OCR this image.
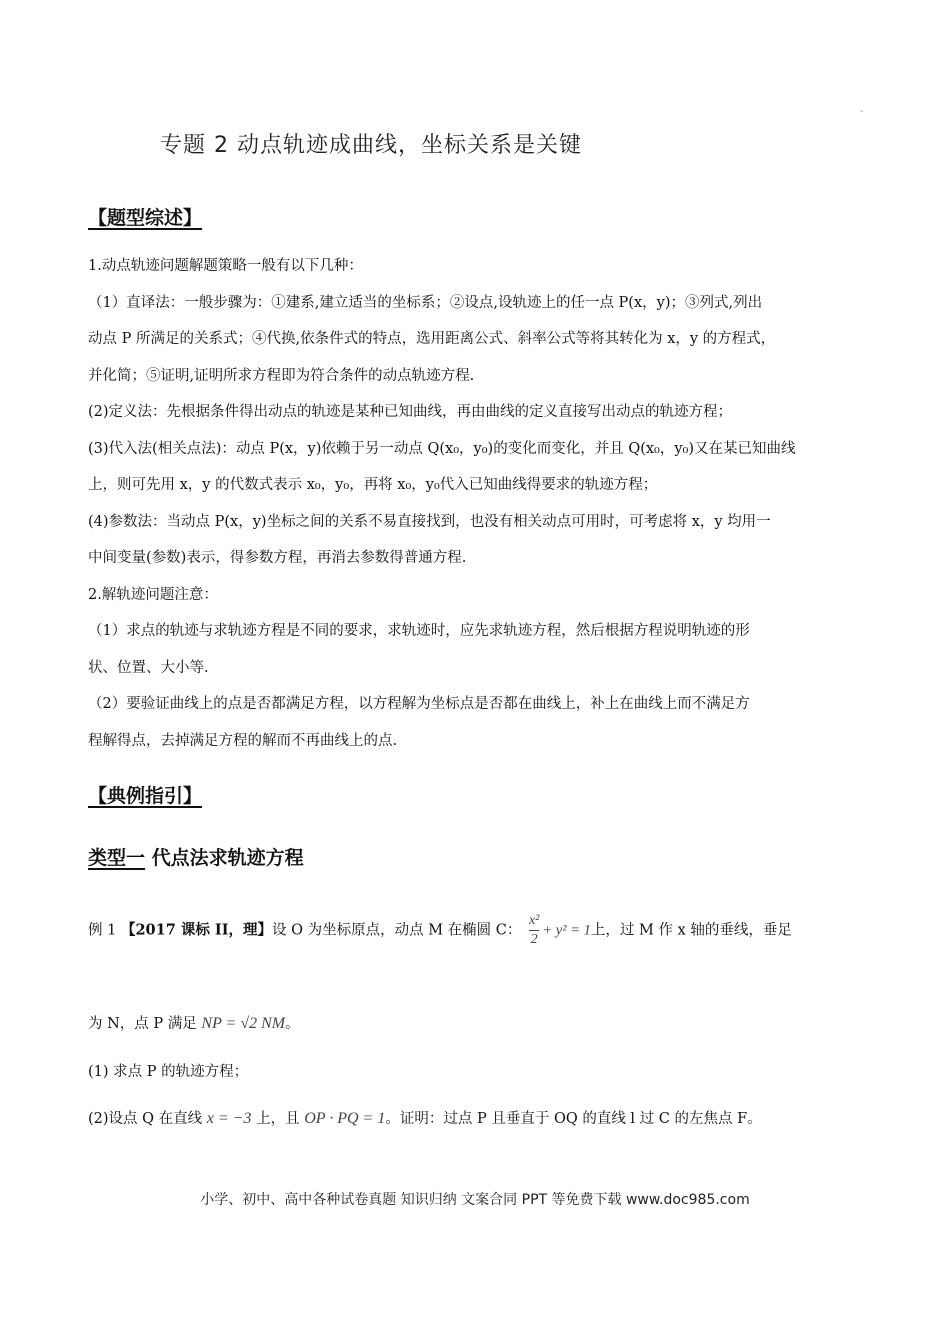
-
专题 2 动点轨迹成曲线，坐标关系是关键
【题型综述】
1.动点轨迹问题解题策略一般有以下几种：
（1）直译法：一般步骤为：①建系,建立适当的坐标系；②设点,设轨迹上的任一点 P(x，y)；③列式,列出
动点 P 所满足的关系式；④代换,依条件式的特点，选用距离公式、斜率公式等将其转化为 x，y 的方程式，
并化简；⑤证明,证明所求方程即为符合条件的动点轨迹方程.
(2)定义法：先根据条件得出动点的轨迹是某种已知曲线，再由曲线的定义直接写出动点的轨迹方程；
(3)代入法(相关点法)：动点 P(x，y)依赖于另一动点 Q(x₀，y₀)的变化而变化，并且 Q(x₀，y₀)又在某已知曲线
上，则可先用 x，y 的代数式表示 x₀，y₀，再将 x₀，y₀代入已知曲线得要求的轨迹方程；
(4)参数法：当动点 P(x，y)坐标之间的关系不易直接找到，也没有相关动点可用时，可考虑将 x，y 均用一
中间变量(参数)表示，得参数方程，再消去参数得普通方程.
2.解轨迹问题注意：
（1）求点的轨迹与求轨迹方程是不同的要求，求轨迹时，应先求轨迹方程，然后根据方程说明轨迹的形
状、位置、大小等.
（2）要验证曲线上的点是否都满足方程，以方程解为坐标点是否都在曲线上，补上在曲线上而不满足方
程解得点，去掉满足方程的解而不再曲线上的点.
【典例指引】
类型一 代点法求轨迹方程
例 1 【2017 课标 II，理】设 O 为坐标原点，动点 M 在椭圆 C： $\frac{\text{x²}}{2} + y^2 = 1$上，过 M 作 x 轴的垂线，垂足
为 N，点 P 满足 NP = √2 NM。
(1) 求点 P 的轨迹方程；
(2)设点 Q 在直线 x = −3 上，且 OP · PQ = 1。证明：过点 P 且垂直于 OQ 的直线 l 过 C 的左焦点 F。
小学、初中、高中各种试卷真题 知识归纳 文案合同 PPT 等免费下载 www.doc985.com
